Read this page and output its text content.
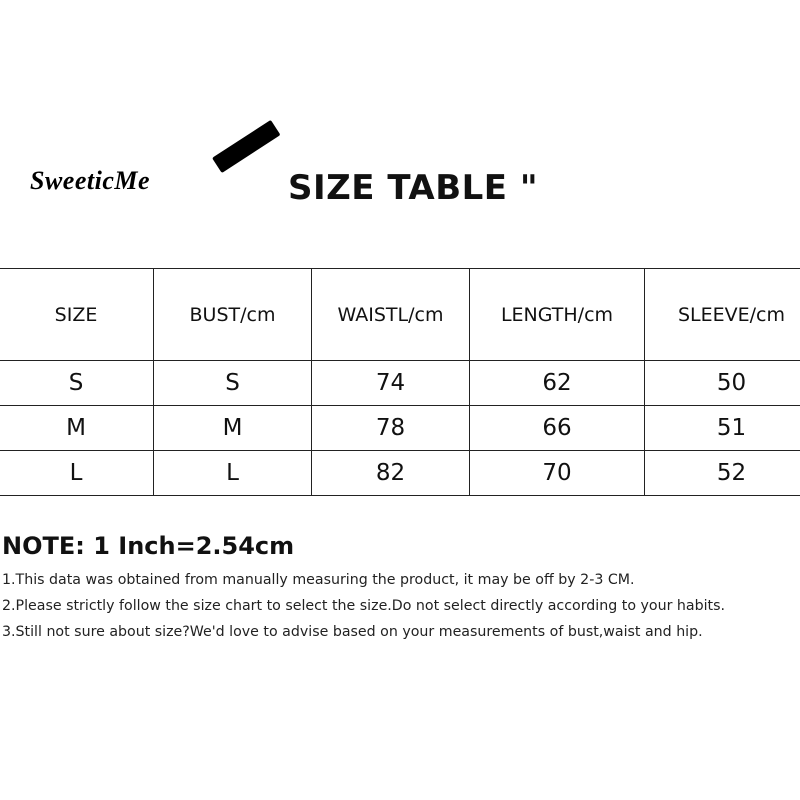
SweeticMe	SIZE TABLE "
SIZE	BUST/cm	WAISTL/cm	LENGTH/cm	SLEEVE/cm
S	S	74	62	50
M	M	78	66	51
L	L	82	70	52
NOTE: 1 Inch=2.54cm
1.This data was obtained from manually measuring the product, it may be off by 2-3 CM.
2.Please strictly follow the size chart to select the size.Do not select directly according to your habits.
3.Still not sure about size?We'd love to advise based on your measurements of bust,waist and hip.
